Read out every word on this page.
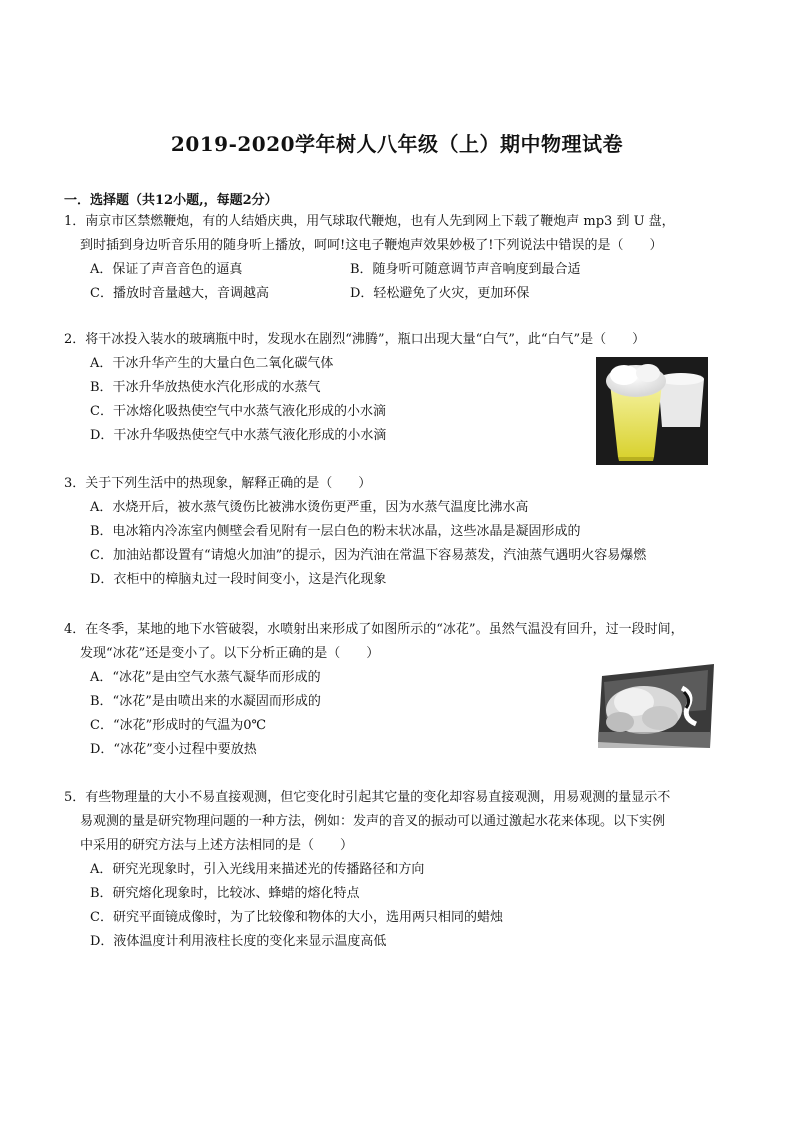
2019-2020学年树人八年级（上）期中物理试卷
一．选择题（共12小题,，每题2分）
1．南京市区禁燃鞭炮，有的人结婚庆典，用气球取代鞭炮，也有人先到网上下载了鞭炮声 mp3 到 U 盘，
到时插到身边听音乐用的随身听上播放，呵呵!这电子鞭炮声效果妙极了!下列说法中错误的是（　　）
A．保证了声音音色的逼真	B．随身听可随意调节声音响度到最合适
C．播放时音量越大，音调越高	D．轻松避免了火灾，更加环保
2．将干冰投入装水的玻璃瓶中时，发现水在剧烈“沸腾”，瓶口出现大量“白气”，此“白气”是（　　）
A．干冰升华产生的大量白色二氧化碳气体
B．干冰升华放热使水汽化形成的水蒸气
C．干冰熔化吸热使空气中水蒸气液化形成的小水滴
D．干冰升华吸热使空气中水蒸气液化形成的小水滴
3．关于下列生活中的热现象，解释正确的是（　　）
A．水烧开后，被水蒸气烫伤比被沸水烫伤更严重，因为水蒸气温度比沸水高
B．电冰箱内冷冻室内侧壁会看见附有一层白色的粉末状冰晶，这些冰晶是凝固形成的
C．加油站都设置有“请熄火加油”的提示，因为汽油在常温下容易蒸发，汽油蒸气遇明火容易爆燃
D．衣柜中的樟脑丸过一段时间变小，这是汽化现象
4．在冬季，某地的地下水管破裂，水喷射出来形成了如图所示的“冰花”。虽然气温没有回升，过一段时间，
发现“冰花”还是变小了。以下分析正确的是（　　）
A．“冰花”是由空气水蒸气凝华而形成的
B．“冰花”是由喷出来的水凝固而形成的
C．“冰花”形成时的气温为0℃
D．“冰花”变小过程中要放热
5．有些物理量的大小不易直接观测，但它变化时引起其它量的变化却容易直接观测，用易观测的量显示不
易观测的量是研究物理问题的一种方法，例如：发声的音叉的振动可以通过激起水花来体现。以下实例
中采用的研究方法与上述方法相同的是（　　）
A．研究光现象时，引入光线用来描述光的传播路径和方向
B．研究熔化现象时，比较冰、蜂蜡的熔化特点
C．研究平面镜成像时，为了比较像和物体的大小，选用两只相同的蜡烛
D．液体温度计利用液柱长度的变化来显示温度高低
